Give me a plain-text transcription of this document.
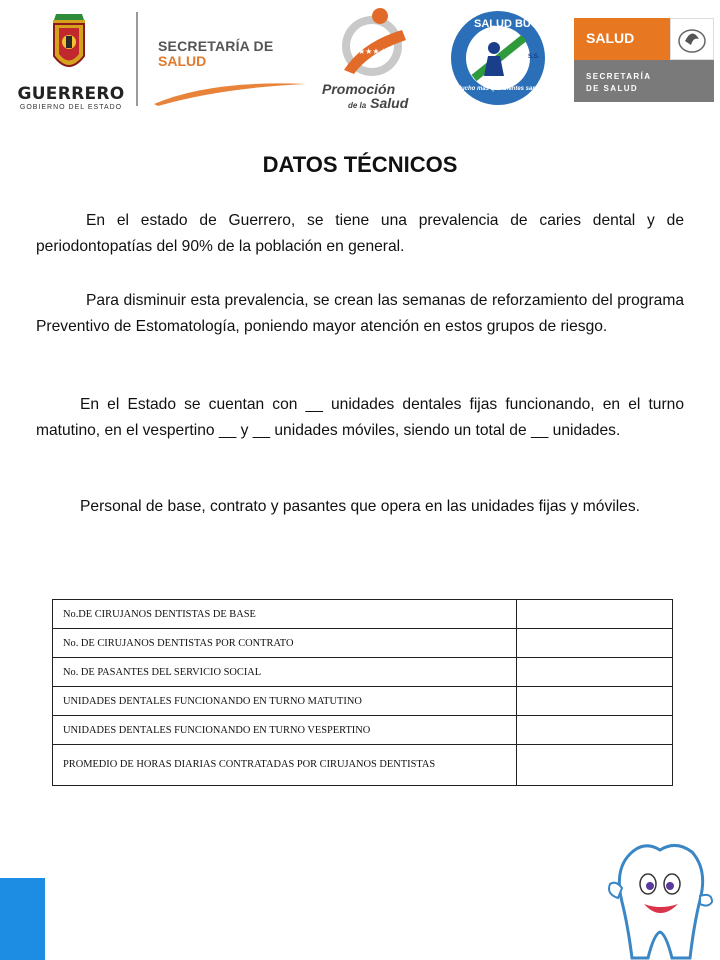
GUERRERO
GOBIERNO DEL ESTADO
SECRETARÍA DE
SALUD
★★★★
Promoción
de la Salud
SALUD BUCAL
Mucho más que dientes sanos
S.S.
SALUD
SECRETARÍA
DE SALUD
DATOS TÉCNICOS
En el estado de Guerrero, se tiene una prevalencia de caries dental y de periodontopatías del 90% de la población en general.
Para disminuir esta prevalencia, se crean las semanas de reforzamiento del programa Preventivo de Estomatología, poniendo mayor atención en estos grupos de riesgo.
En el Estado se cuentan con __ unidades dentales fijas funcionando, en el turno matutino, en el vespertino __ y __ unidades móviles, siendo un total de __ unidades.
Personal de base, contrato y pasantes que opera en las unidades fijas y móviles.
No.DE CIRUJANOS DENTISTAS DE BASE	
No. DE CIRUJANOS DENTISTAS POR CONTRATO	
No. DE PASANTES DEL SERVICIO SOCIAL	
UNIDADES DENTALES FUNCIONANDO EN TURNO MATUTINO	
UNIDADES DENTALES FUNCIONANDO EN TURNO VESPERTINO	
PROMEDIO DE HORAS DIARIAS CONTRATADAS POR CIRUJANOS DENTISTAS	
